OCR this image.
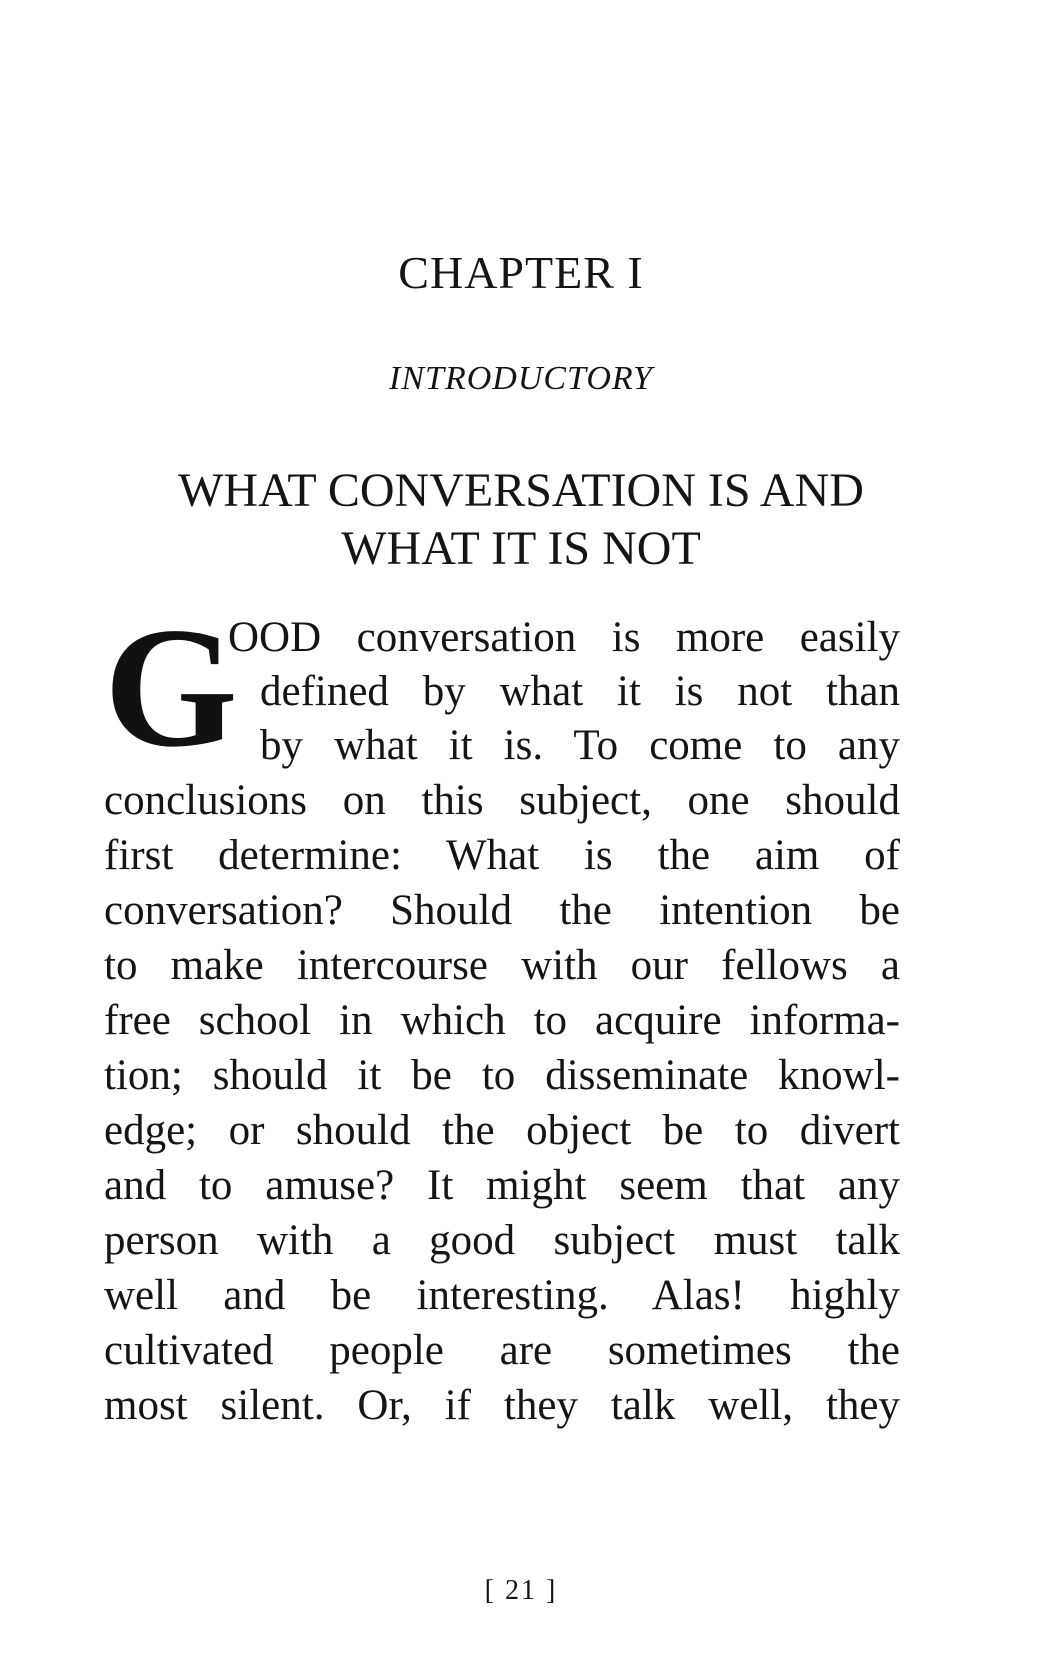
CHAPTER I
INTRODUCTORY
WHAT CONVERSATION IS AND
WHAT IT IS NOT
G
OOD conversation is more easily
defined by what it is not than
by what it is. To come to any
conclusions on this subject, one should
first determine: What is the aim of
conversation? Should the intention be
to make intercourse with our fellows a
free school in which to acquire informa-
tion; should it be to disseminate knowl-
edge; or should the object be to divert
and to amuse? It might seem that any
person with a good subject must talk
well and be interesting. Alas! highly
cultivated people are sometimes the
most silent. Or, if they talk well, they
[ 21 ]
